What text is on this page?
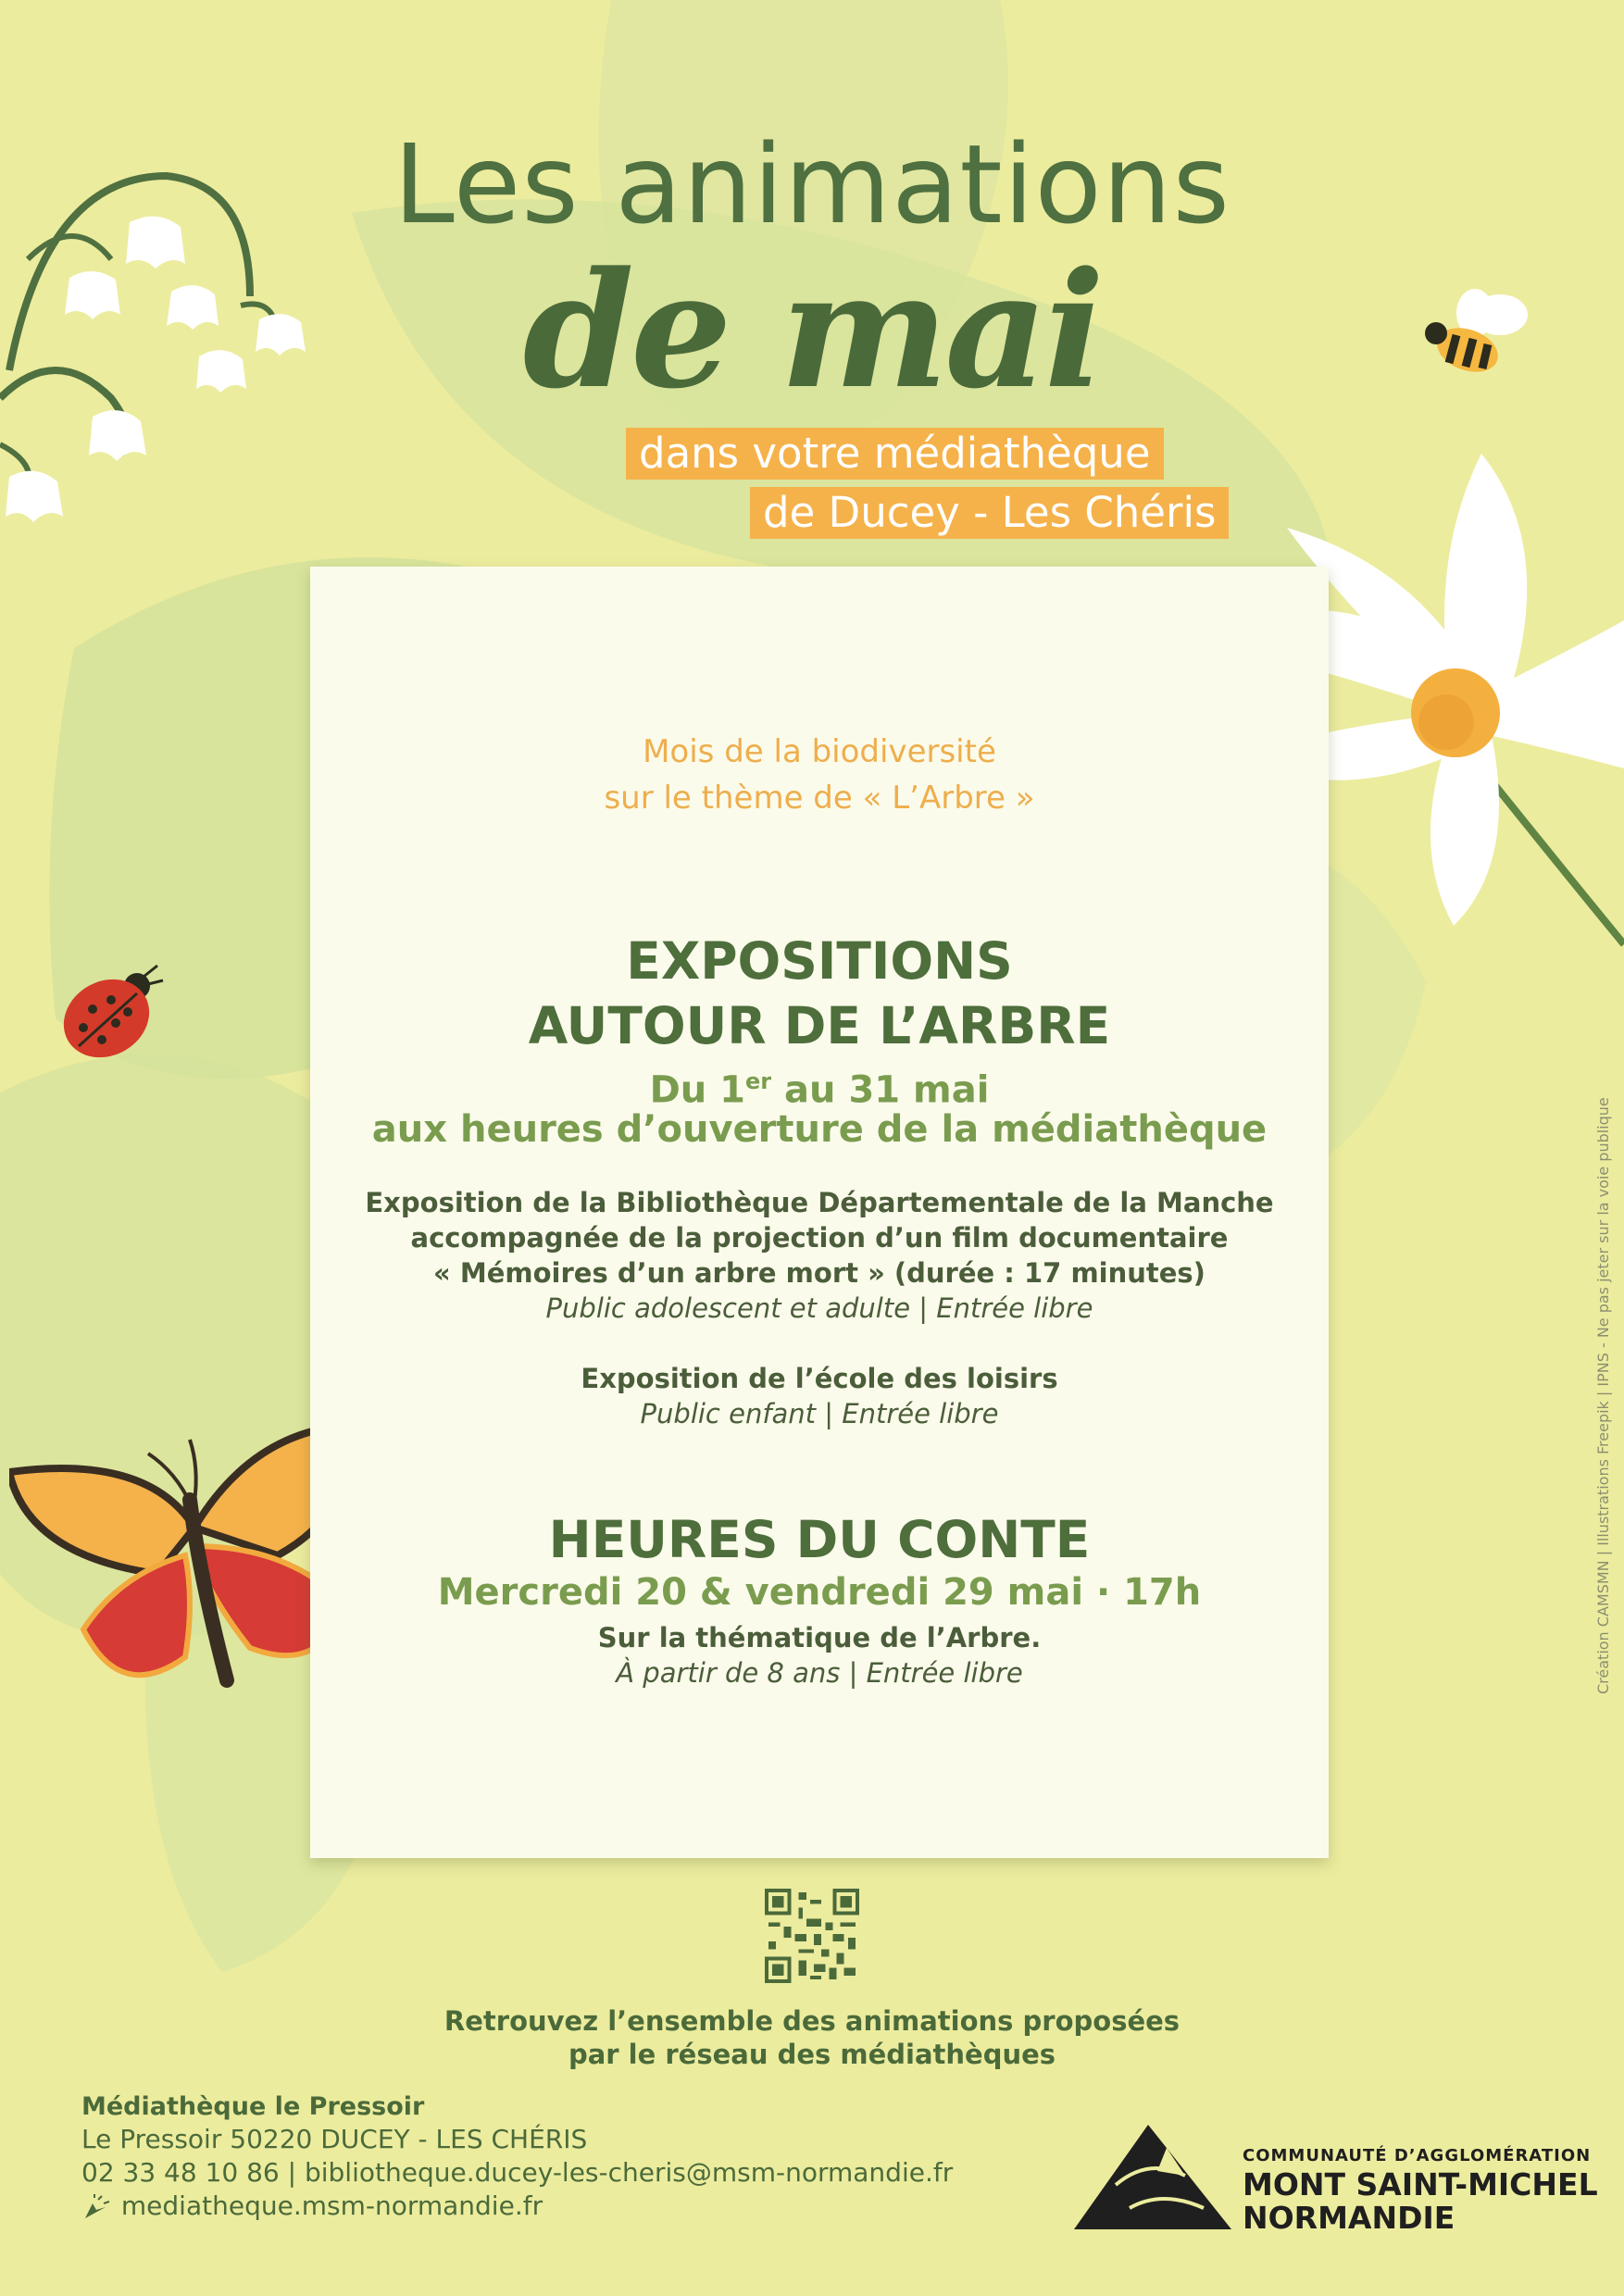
Les animations
de mai
dans votre médiathèque
de Ducey - Les Chéris
Mois de la biodiversité
sur le thème de « L’Arbre »
EXPOSITIONS
AUTOUR DE L’ARBRE
Du 1er au 31 mai
aux heures d’ouverture de la médiathèque
Exposition de la Bibliothèque Départementale de la Manche
accompagnée de la projection d’un film documentaire
« Mémoires d’un arbre mort » (durée : 17 minutes)
Public adolescent et adulte | Entrée libre
Exposition de l’école des loisirs
Public enfant | Entrée libre
HEURES DU CONTE
Mercredi 20 & vendredi 29 mai · 17h
Sur la thématique de l’Arbre.
À partir de 8 ans | Entrée libre
Retrouvez l’ensemble des animations proposées
par le réseau des médiathèques
Médiathèque le Pressoir
Le Pressoir 50220 DUCEY - LES CHÉRIS
02 33 48 10 86 | bibliotheque.ducey-les-cheris@msm-normandie.fr
mediatheque.msm-normandie.fr
COMMUNAUTÉ D’AGGLOMÉRATION
MONT SAINT-MICHEL
NORMANDIE
Création CAMSMN | Illustrations Freepik | IPNS - Ne pas jeter sur la voie publique
